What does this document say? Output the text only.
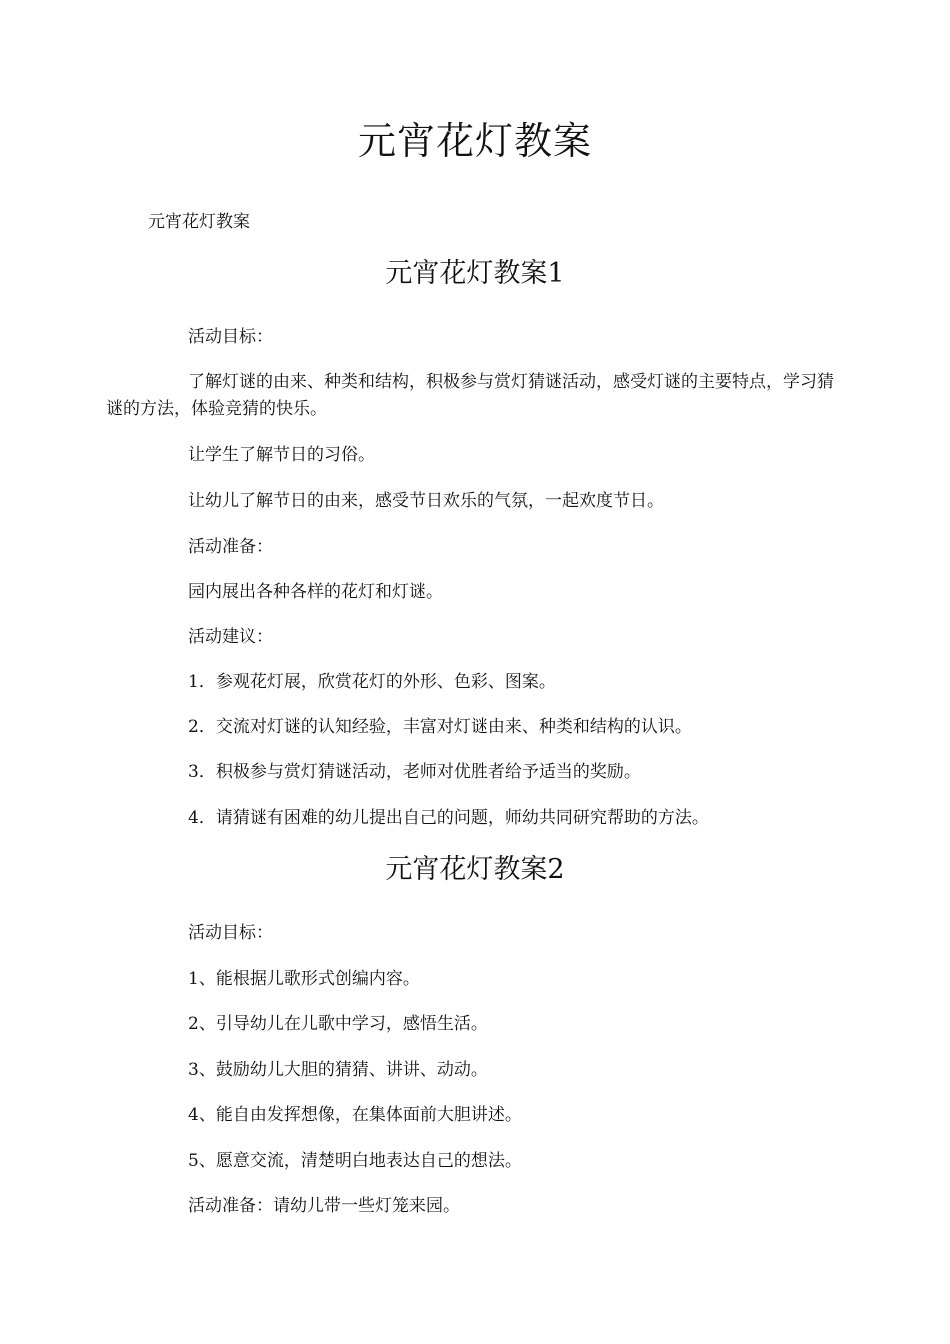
元宵花灯教案
元宵花灯教案
元宵花灯教案1
活动目标：
了解灯谜的由来、种类和结构，积极参与赏灯猜谜活动，感受灯谜的主要特点，学习猜谜的方法，体验竞猜的快乐。
让学生了解节日的习俗。
让幼儿了解节日的由来，感受节日欢乐的气氛，一起欢度节日。
活动准备：
园内展出各种各样的花灯和灯谜。
活动建议：
1．参观花灯展，欣赏花灯的外形、色彩、图案。
2．交流对灯谜的认知经验，丰富对灯谜由来、种类和结构的认识。
3．积极参与赏灯猜谜活动，老师对优胜者给予适当的奖励。
4．请猜谜有困难的幼儿提出自己的问题，师幼共同研究帮助的方法。
元宵花灯教案2
活动目标：
1、能根据儿歌形式创编内容。
2、引导幼儿在儿歌中学习，感悟生活。
3、鼓励幼儿大胆的猜猜、讲讲、动动。
4、能自由发挥想像，在集体面前大胆讲述。
5、愿意交流，清楚明白地表达自己的想法。
活动准备：请幼儿带一些灯笼来园。
